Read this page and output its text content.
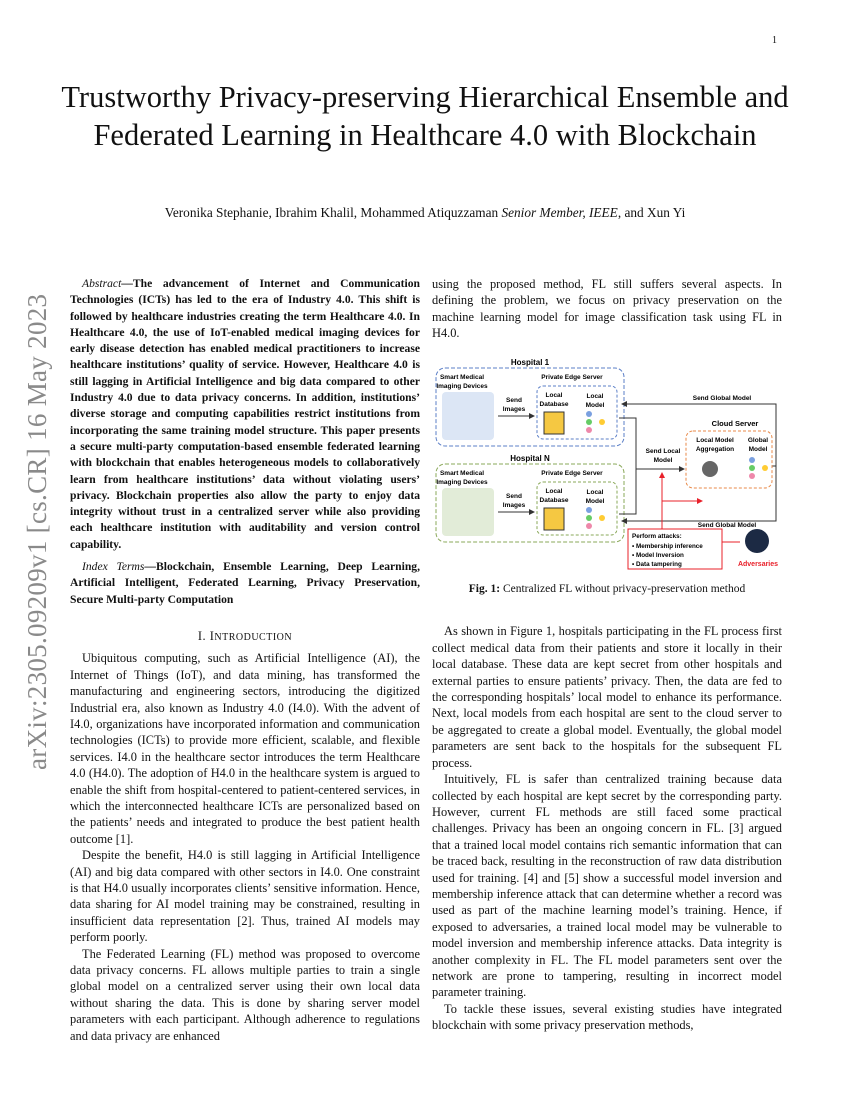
1
arXiv:2305.09209v1 [cs.CR] 16 May 2023
Trustworthy Privacy-preserving Hierarchical Ensemble and Federated Learning in Healthcare 4.0 with Blockchain
Veronika Stephanie, Ibrahim Khalil, Mohammed Atiquzzaman Senior Member, IEEE, and Xun Yi

Abstract—The advancement of Internet and Communication Technologies (ICTs) has led to the era of Industry 4.0. This shift is followed by healthcare industries creating the term Healthcare 4.0. In Healthcare 4.0, the use of IoT-enabled medical imaging devices for early disease detection has enabled medical practitioners to increase healthcare institutions’ quality of service. However, Healthcare 4.0 is still lagging in Artificial Intelligence and big data compared to other Industry 4.0 due to data privacy concerns. In addition, institutions’ diverse storage and computing capabilities restrict institutions from incorporating the same training model structure. This paper presents a secure multi-party computation-based ensemble federated learning with blockchain that enables heterogeneous models to collaboratively learn from healthcare institutions’ data without violating users’ privacy. Blockchain properties also allow the party to enjoy data integrity without trust in a centralized server while also providing each healthcare institution with auditability and version control capability.

Index Terms—Blockchain, Ensemble Learning, Deep Learning, Artificial Intelligent, Federated Learning, Privacy Preservation, Secure Multi-party Computation

I. INTRODUCTION

Ubiquitous computing, such as Artificial Intelligence (AI), the Internet of Things (IoT), and data mining, has transformed the manufacturing and engineering sectors, introducing the digitized Industrial era, also known as Industry 4.0 (I4.0). With the advent of I4.0, organizations have incorporated information and communication technologies (ICTs) to provide more efficient, scalable, and flexible services. I4.0 in the healthcare sector introduces the term Healthcare 4.0 (H4.0). The adoption of H4.0 in the healthcare system is argued to enable the shift from hospital-centered to patient-centered services, in which the interconnected healthcare ICTs are personalized based on the patients’ needs and integrated to produce the best patient health outcome [1].

Despite the benefit, H4.0 is still lagging in Artificial Intelligence (AI) and big data compared with other sectors in I4.0. One constraint is that H4.0 usually incorporates clients’ sensitive information. Hence, data sharing for AI model training may be constrained, resulting in insufficient data representation [2]. Thus, trained AI models may perform poorly.

The Federated Learning (FL) method was proposed to overcome data privacy concerns. FL allows multiple parties to train a single global model on a centralized server using their own local data without sharing the data. This is done by sharing server model parameters with each participant. Although adherence to regulations and data privacy are enhanced

using the proposed method, FL still suffers several aspects. In defining the problem, we focus on privacy preservation on the machine learning model for image classification task using FL in H4.0.

Hospital 1
Smart Medical
Imaging Devices
Private Edge Server
Send
Images
Local
Database
Local
Model
Hospital N
Smart Medical
Imaging Devices
Private Edge Server
Send
Images
Local
Database
Local
Model
Send Global Model
Send Local
Model
Cloud Server
Local Model
Aggregation
Global
Model
Send Global Model
Perform attacks:
• Membership inference
• Model Inversion
• Data tampering	Adversaries

Fig. 1: Centralized FL without privacy-preservation method

As shown in Figure 1, hospitals participating in the FL process first collect medical data from their patients and store it locally in their local database. These data are kept secret from other hospitals and external parties to ensure patients’ privacy. Then, the data are fed to the corresponding hospitals’ local model to enhance its performance. Next, local models from each hospital are sent to the cloud server to be aggregated to create a global model. Eventually, the global model parameters are sent back to the hospitals for the subsequent FL process.

Intuitively, FL is safer than centralized training because data collected by each hospital are kept secret by the corresponding party. However, current FL methods are still faced some practical challenges. Privacy has been an ongoing concern in FL. [3] argued that a trained local model contains rich semantic information that can be traced back, resulting in the reconstruction of raw data distribution used for training. [4] and [5] show a successful model inversion and membership inference attack that can determine whether a record was used as part of the machine learning model’s training. Hence, if exposed to adversaries, a trained local model may be vulnerable to model inversion and membership inference attacks. Data integrity is another complexity in FL. The FL model parameters sent over the network are prone to tampering, resulting in incorrect model parameter training.

To tackle these issues, several existing studies have integrated blockchain with some privacy preservation methods,
